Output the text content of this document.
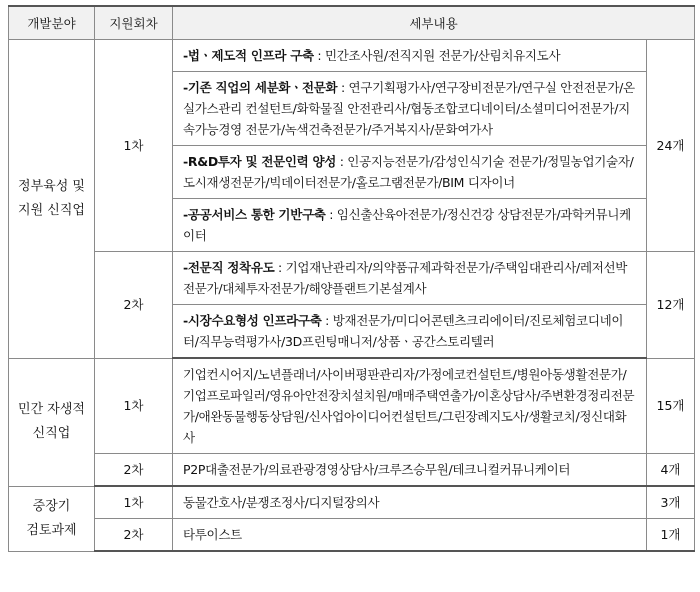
개발분야	지원회차	세부내용	
정부육성 및
지원 신직업	1차	-법ㆍ제도적 인프라 구축 : 민간조사원/전직지원 전문가/산림치유지도사	24개
		-기존 직업의 세분화ㆍ전문화 : 연구기획평가사/연구장비전문가/연구실 안전전문가/온실가스관리 컨설턴트/화학물질 안전관리사/협동조합코디네이터/소셜미디어전문가/지속가능경영 전문가/녹색건축전문가/주거복지사/문화여가사	
		-R&D투자 및 전문인력 양성 : 인공지능전문가/감성인식기술 전문가/정밀농업기술자/도시재생전문가/빅데이터전문가/홀로그램전문가/BIM 디자이너	
		-공공서비스 통한 기반구축 : 임신출산육아전문가/정신건강 상담전문가/과학커뮤니케이터	
	2차	-전문직 정착유도 : 기업재난관리자/의약품규제과학전문가/주택임대관리사/레저선박전문가/대체투자전문가/해양플랜트기본설계사	12개
		-시장수요형성 인프라구축 : 방재전문가/미디어콘텐츠크리에이터/진로체험코디네이터/직무능력평가사/3D프린팅매니저/상품ㆍ공간스토리텔러	
민간 자생적
신직업	1차	기업컨시어지/노년플래너/사이버평판관리자/가정에코컨설턴트/병원아동생활전문가/기업프로파일러/영유아안전장치설치원/매매주택연출가/이혼상담사/주변환경정리전문가/애완동물행동상담원/신사업아이디어컨설턴트/그린장례지도사/생활코치/정신대화사	15개
	2차	P2P대출전문가/의료관광경영상담사/크루즈승무원/테크니컬커뮤니케이터	4개
중장기
검토과제	1차	동물간호사/분쟁조정사/디지털장의사	3개
	2차	타투이스트	1개
